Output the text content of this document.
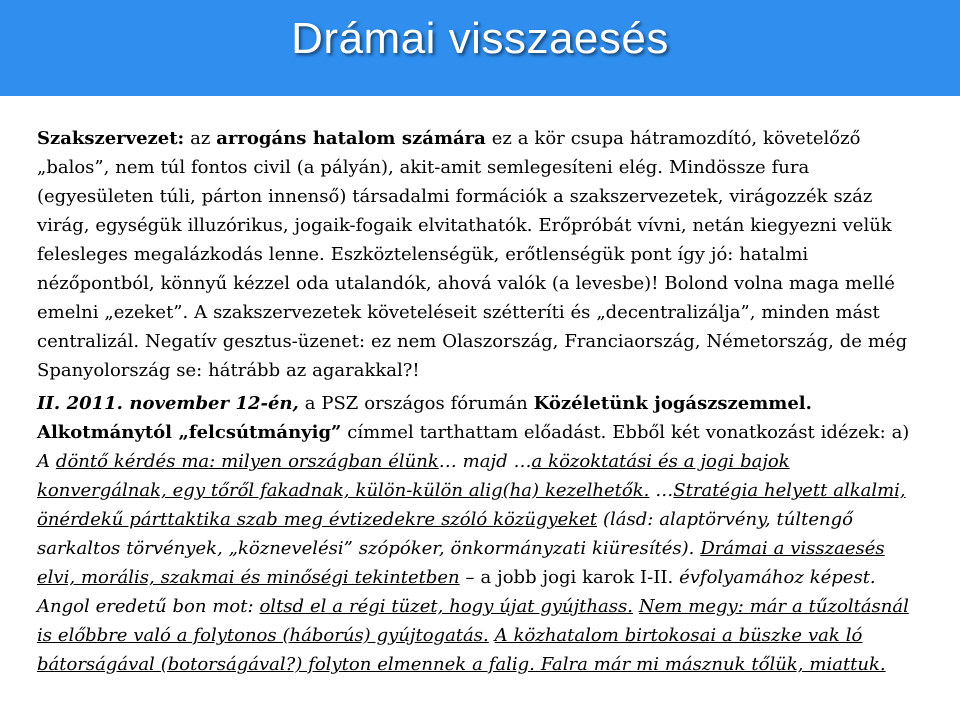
Drámai visszaesés

Szakszervezet: az arrogáns hatalom számára ez a kör csupa hátramozdító, követelőző „balos”, nem túl fontos civil (a pályán), akit-amit semlegesíteni elég. Mindössze fura (egyesületen túli, párton innenső) társadalmi formációk a szakszervezetek, virágozzék száz virág, egységük illuzórikus, jogaik-fogaik elvitathatók. Erőpróbát vívni, netán kiegyezni velük felesleges megalázkodás lenne. Eszköztelenségük, erőtlenségük pont így jó: hatalmi nézőpontból, könnyű kézzel oda utalandók, ahová valók (a levesbe)! Bolond volna maga mellé emelni „ezeket”. A szakszervezetek követeléseit szétteríti és „decentralizálja”, minden mást centralizál. Negatív gesztus-üzenet: ez nem Olaszország, Franciaország, Németország, de még Spanyolország se: hátrább az agarakkal?!

II. 2011. november 12-én, a PSZ országos fórumán Közéletünk jogászszemmel. Alkotmánytól „felcsútmányig” címmel tarthattam előadást. Ebből két vonatkozást idézek: a) A döntő kérdés ma: milyen országban élünk… majd …a közoktatási és a jogi bajok konvergálnak, egy tőről fakadnak, külön-külön alig(ha) kezelhetők. …Stratégia helyett alkalmi, önérdekű párttaktika szab meg évtizedekre szóló közügyeket (lásd: alaptörvény, túltengő sarkaltos törvények, „köznevelési” szópóker, önkormányzati kiüresítés). Drámai a visszaesés elvi, morális, szakmai és minőségi tekintetben – a jobb jogi karok I-II. évfolyamához képest. Angol eredetű bon mot: oltsd el a régi tüzet, hogy újat gyújthass. Nem megy: már a tűzoltásnál is előbbre való a folytonos (háborús) gyújtogatás. A közhatalom birtokosai a büszke vak ló bátorságával (botorságával?) folyton elmennek a falig. Falra már mi másznuk tőlük, miattuk.
